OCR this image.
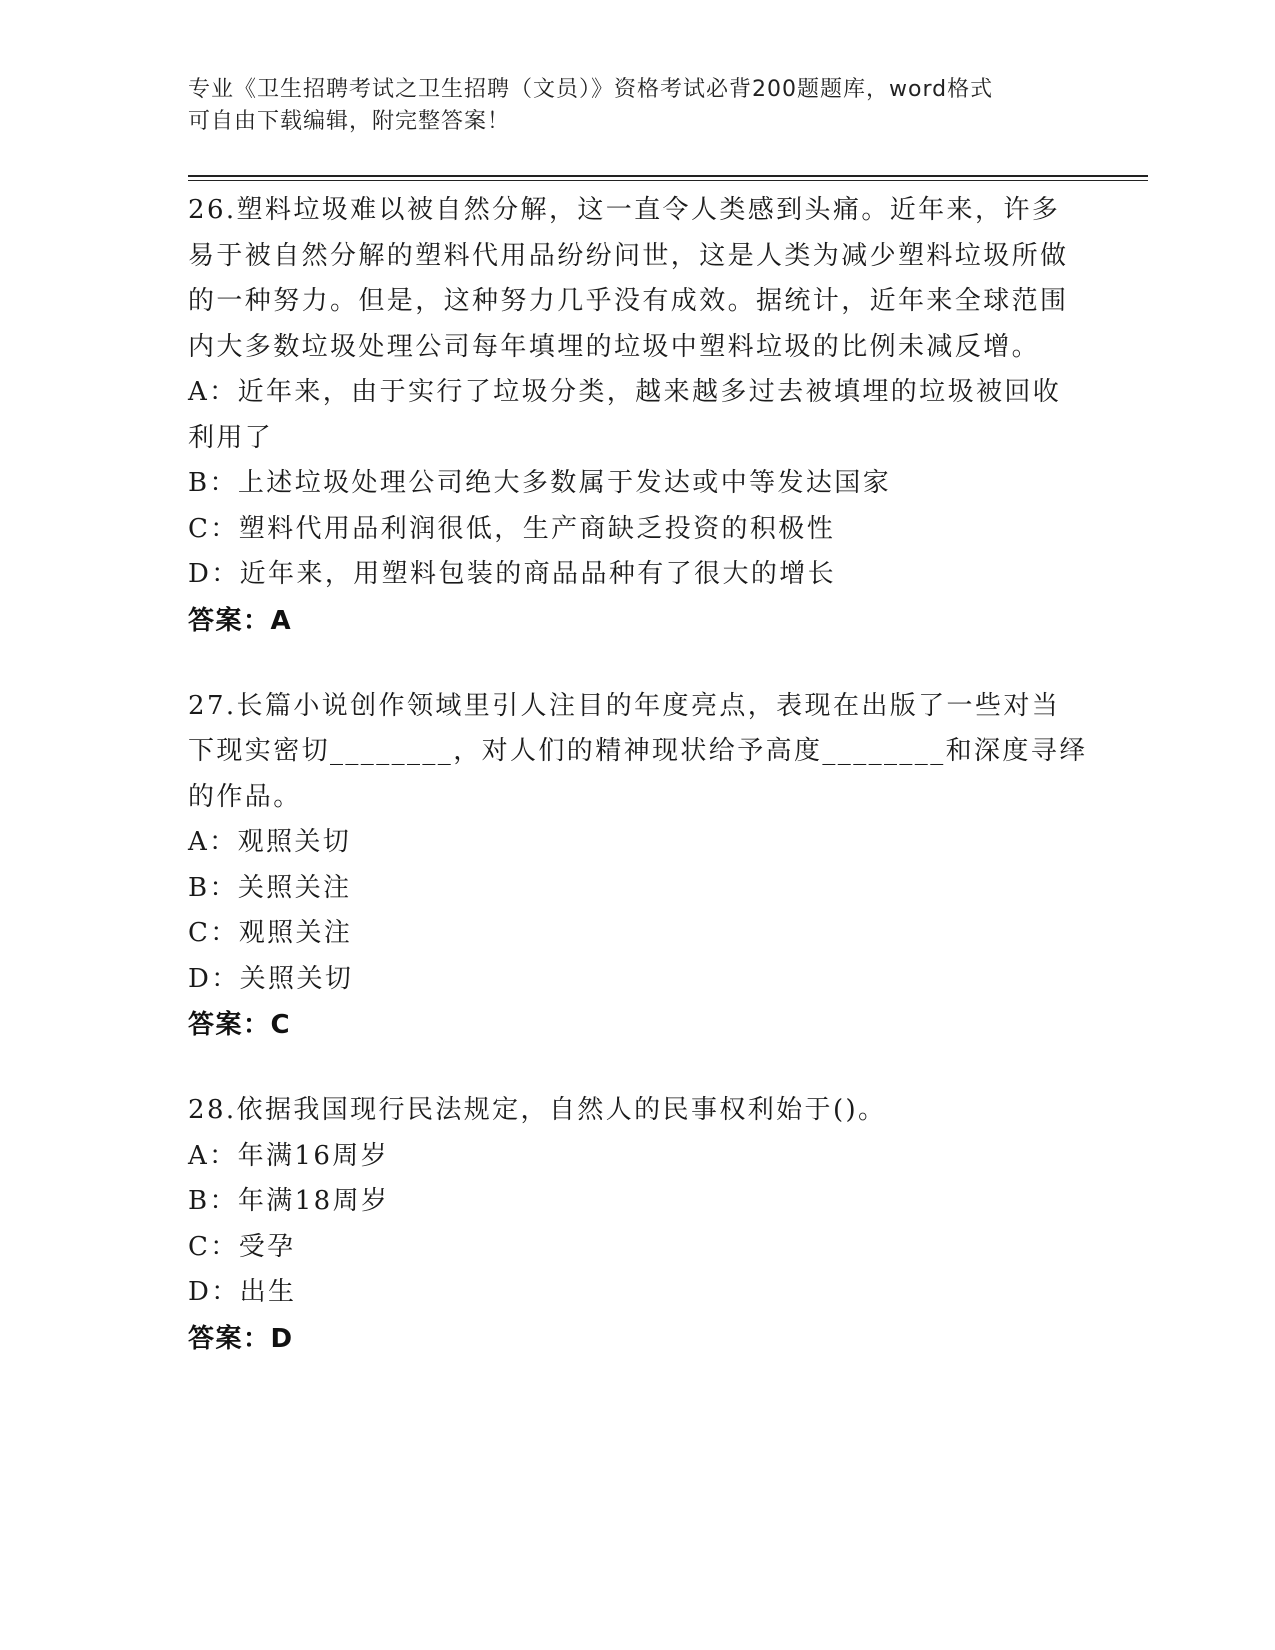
专业《卫生招聘考试之卫生招聘（文员）》资格考试必背200题题库，word格式

可自由下载编辑，附完整答案！

26.塑料垃圾难以被自然分解，这一直令人类感到头痛。近年来，许多易于被自然分解的塑料代用品纷纷问世，这是人类为减少塑料垃圾所做的一种努力。但是，这种努力几乎没有成效。据统计，近年来全球范围内大多数垃圾处理公司每年填埋的垃圾中塑料垃圾的比例未减反增。

A：近年来，由于实行了垃圾分类，越来越多过去被填埋的垃圾被回收利用了

B：上述垃圾处理公司绝大多数属于发达或中等发达国家

C：塑料代用品利润很低，生产商缺乏投资的积极性

D：近年来，用塑料包装的商品品种有了很大的增长

答案：A

27.长篇小说创作领域里引人注目的年度亮点，表现在出版了一些对当下现实密切________，对人们的精神现状给予高度________和深度寻绎的作品。

A：观照关切

B：关照关注

C：观照关注

D：关照关切

答案：C

28.依据我国现行民法规定，自然人的民事权利始于()。

A：年满16周岁

B：年满18周岁

C：受孕

D：出生

答案：D
